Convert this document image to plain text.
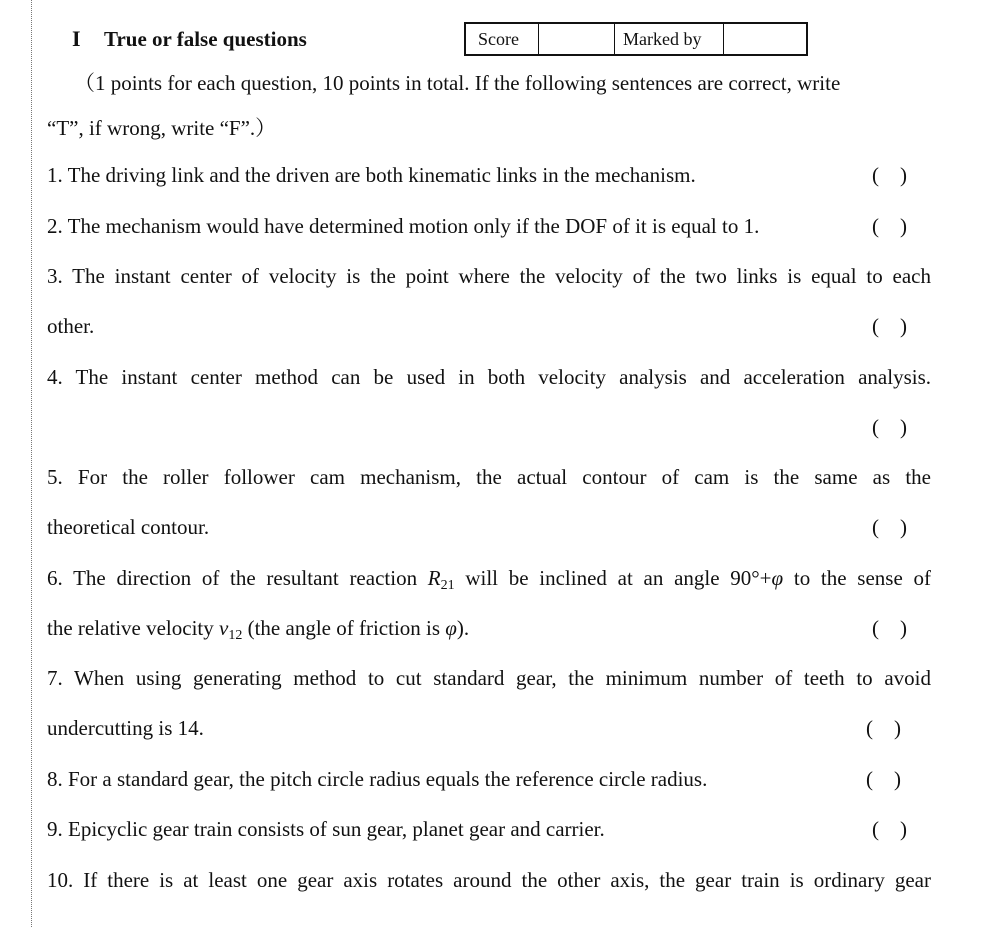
I True or false questions	Score		Marked by	
（1 points for each question, 10 points in total. If the following sentences are correct, write
“T”, if wrong, write “F”.）
1. The driving link and the driven are both kinematic links in the mechanism.	(    )
2. The mechanism would have determined motion only if the DOF of it is equal to 1.	(    )
3. The instant center of velocity is the point where the velocity of the two links is equal to each
other.	(    )
4. The instant center method can be used in both velocity analysis and acceleration analysis.
(    )
5. For the roller follower cam mechanism, the actual contour of cam is the same as the
theoretical contour.	(    )
6. The direction of the resultant reaction R21 will be inclined at an angle 90°+φ to the sense of
the relative velocity v12 (the angle of friction is φ).	(    )
7. When using generating method to cut standard gear, the minimum number of teeth to avoid
undercutting is 14.	(    )
8. For a standard gear, the pitch circle radius equals the reference circle radius.	(    )
9. Epicyclic gear train consists of sun gear, planet gear and carrier.	(    )
10. If there is at least one gear axis rotates around the other axis, the gear train is ordinary gear
